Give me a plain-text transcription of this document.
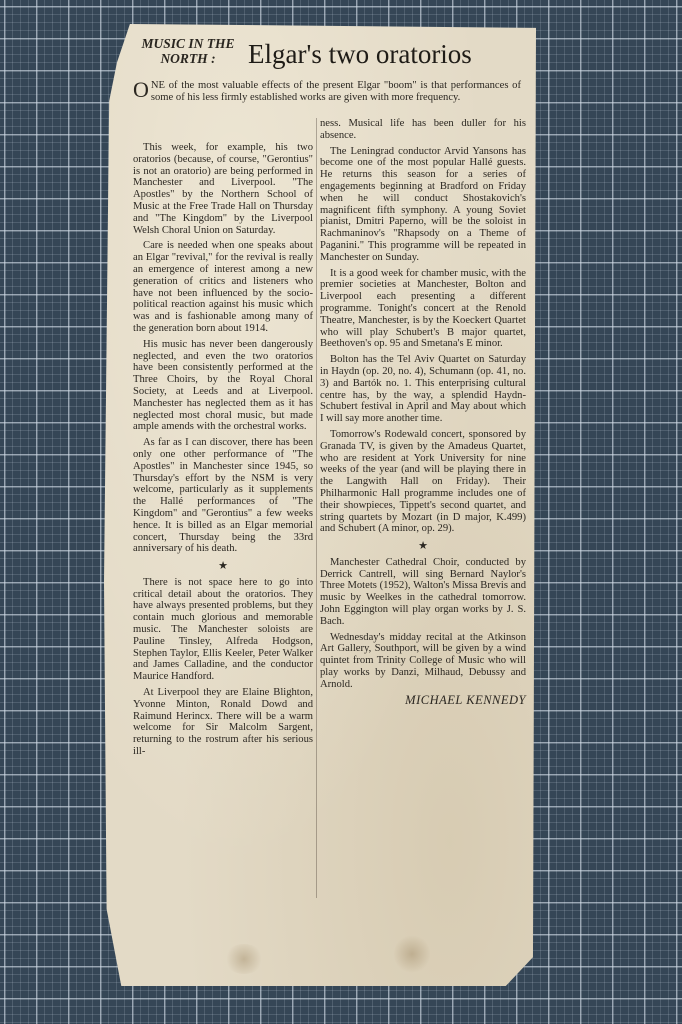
MUSIC IN THE NORTH :	Elgar's two oratorios

ONE of the most valuable effects of the present Elgar "boom" is that performances of some of his less firmly established works are given with more frequency.

This week, for example, his two oratorios (because, of course, "Gerontius" is not an oratorio) are being performed in Manchester and Liverpool. "The Apostles" by the Northern School of Music at the Free Trade Hall on Thursday and "The Kingdom" by the Liverpool Welsh Choral Union on Saturday.

Care is needed when one speaks about an Elgar "revival," for the revival is really an emergence of interest among a new generation of critics and listeners who have not been influenced by the socio-political reaction against his music which was and is fashionable among many of the generation born about 1914.

His music has never been dangerously neglected, and even the two oratorios have been consistently performed at the Three Choirs, by the Royal Choral Society, at Leeds and at Liverpool. Manchester has neglected them as it has neglected most choral music, but made ample amends with the orchestral works.

As far as I can discover, there has been only one other performance of "The Apostles" in Manchester since 1945, so Thursday's effort by the NSM is very welcome, particularly as it supplements the Hallé performances of "The Kingdom" and "Gerontius" a few weeks hence. It is billed as an Elgar memorial concert, Thursday being the 33rd anniversary of his death.

★

There is not space here to go into critical detail about the oratorios. They have always presented problems, but they contain much glorious and memorable music. The Manchester soloists are Pauline Tinsley, Alfreda Hodgson, Stephen Taylor, Ellis Keeler, Peter Walker and James Calladine, and the conductor Maurice Handford.

At Liverpool they are Elaine Blighton, Yvonne Minton, Ronald Dowd and Raimund Herincx. There will be a warm welcome for Sir Malcolm Sargent, returning to the rostrum after his serious ill-

ness. Musical life has been duller for his absence.

The Leningrad conductor Arvid Yansons has become one of the most popular Hallé guests. He returns this season for a series of engagements beginning at Bradford on Friday when he will conduct Shostakovich's magnificent fifth symphony. A young Soviet pianist, Dmitri Paperno, will be the soloist in Rachmaninov's "Rhapsody on a Theme of Paganini." This programme will be repeated in Manchester on Sunday.

It is a good week for chamber music, with the premier societies at Manchester, Bolton and Liverpool each presenting a different programme. Tonight's concert at the Renold Theatre, Manchester, is by the Koeckert Quartet who will play Schubert's B major quartet, Beethoven's op. 95 and Smetana's E minor.

Bolton has the Tel Aviv Quartet on Saturday in Haydn (op. 20, no. 4), Schumann (op. 41, no. 3) and Bartók no. 1. This enterprising cultural centre has, by the way, a splendid Haydn-Schubert festival in April and May about which I will say more another time.

Tomorrow's Rodewald concert, sponsored by Granada TV, is given by the Amadeus Quartet, who are resident at York University for nine weeks of the year (and will be playing there in the Langwith Hall on Friday). Their Philharmonic Hall programme includes one of their showpieces, Tippett's second quartet, and string quartets by Mozart (in D major, K.499) and Schubert (A minor, op. 29).

★

Manchester Cathedral Choir, conducted by Derrick Cantrell, will sing Bernard Naylor's Three Motets (1952), Walton's Missa Brevis and music by Weelkes in the cathedral tomorrow. John Eggington will play organ works by J. S. Bach.

Wednesday's midday recital at the Atkinson Art Gallery, Southport, will be given by a wind quintet from Trinity College of Music who will play works by Danzi, Milhaud, Debussy and Arnold.

MICHAEL KENNEDY
